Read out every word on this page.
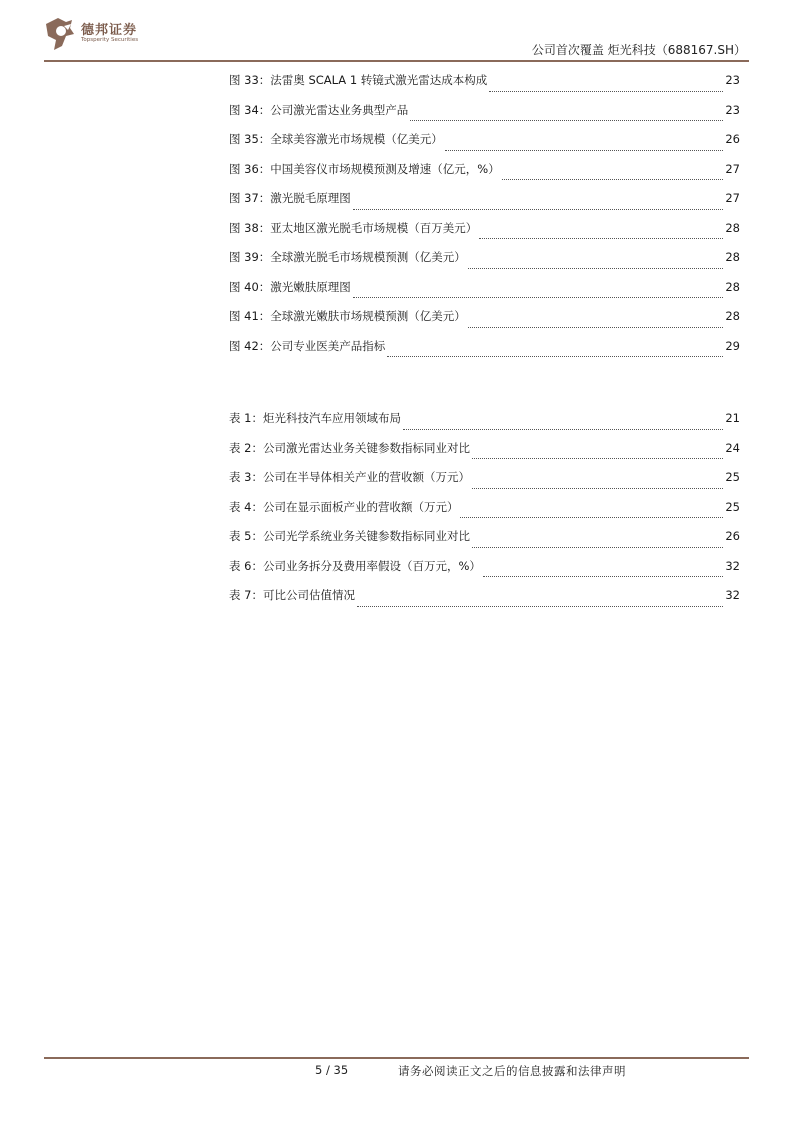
德邦证券
Topsperity Securities
公司首次覆盖 炬光科技（688167.SH）
图 33：法雷奥 SCALA 1 转镜式激光雷达成本构成	23
图 34：公司激光雷达业务典型产品	23
图 35：全球美容激光市场规模（亿美元）	26
图 36：中国美容仪市场规模预测及增速（亿元，%）	27
图 37：激光脱毛原理图	27
图 38：亚太地区激光脱毛市场规模（百万美元）	28
图 39：全球激光脱毛市场规模预测（亿美元）	28
图 40：激光嫩肤原理图	28
图 41：全球激光嫩肤市场规模预测（亿美元）	28
图 42：公司专业医美产品指标	29
表 1：炬光科技汽车应用领域布局	21
表 2：公司激光雷达业务关键参数指标同业对比	24
表 3：公司在半导体相关产业的营收额（万元）	25
表 4：公司在显示面板产业的营收额（万元）	25
表 5：公司光学系统业务关键参数指标同业对比	26
表 6：公司业务拆分及费用率假设（百万元，%）	32
表 7：可比公司估值情况	32
5 / 35	请务必阅读正文之后的信息披露和法律声明
